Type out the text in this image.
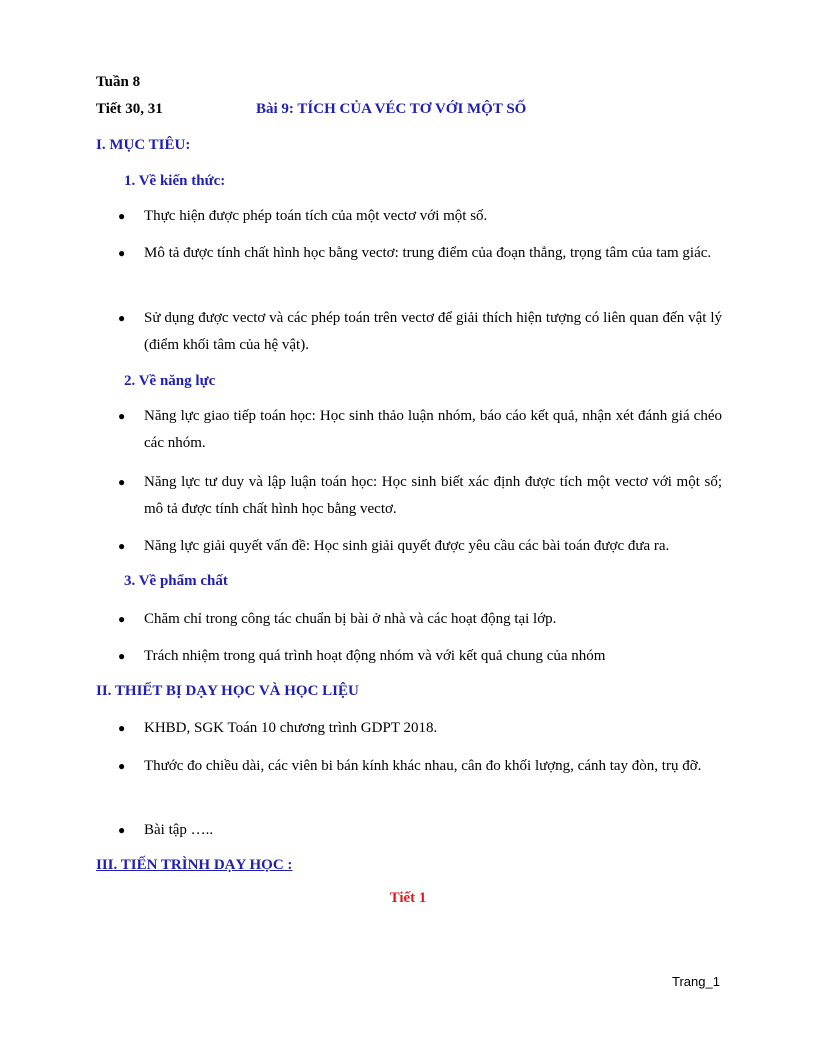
Tuần 8
Tiết 30, 31	Bài 9: TÍCH CỦA VÉC TƠ VỚI MỘT SỐ
I. MỤC TIÊU:
1. Về kiến thức:
● Thực hiện được phép toán tích của một vectơ với một số.
● Mô tả được tính chất hình học bằng vectơ: trung điểm của đoạn thẳng, trọng tâm của tam giác.
● Sử dụng được vectơ và các phép toán trên vectơ để giải thích hiện tượng có liên quan đến vật lý (điểm khối tâm của hệ vật).
2. Về năng lực
● Năng lực giao tiếp toán học: Học sinh thảo luận nhóm, báo cáo kết quả, nhận xét đánh giá chéo các nhóm.
● Năng lực tư duy và lập luận toán học: Học sinh biết xác định được tích một vectơ với một số; mô tả được tính chất hình học bằng vectơ.
● Năng lực giải quyết vấn đề: Học sinh giải quyết được yêu cầu các bài toán được đưa ra.
3. Về phẩm chất
● Chăm chỉ trong công tác chuẩn bị bài ở nhà và các hoạt động tại lớp.
● Trách nhiệm trong quá trình hoạt động nhóm và với kết quả chung của nhóm
II. THIẾT BỊ DẠY HỌC VÀ HỌC LIỆU
● KHBD, SGK Toán 10 chương trình GDPT 2018.
● Thước đo chiều dài, các viên bi bán kính khác nhau, cân đo khối lượng, cánh tay đòn, trụ đỡ.
● Bài tập …..
III. TIẾN TRÌNH DẠY HỌC :
Tiết 1
Trang_1
